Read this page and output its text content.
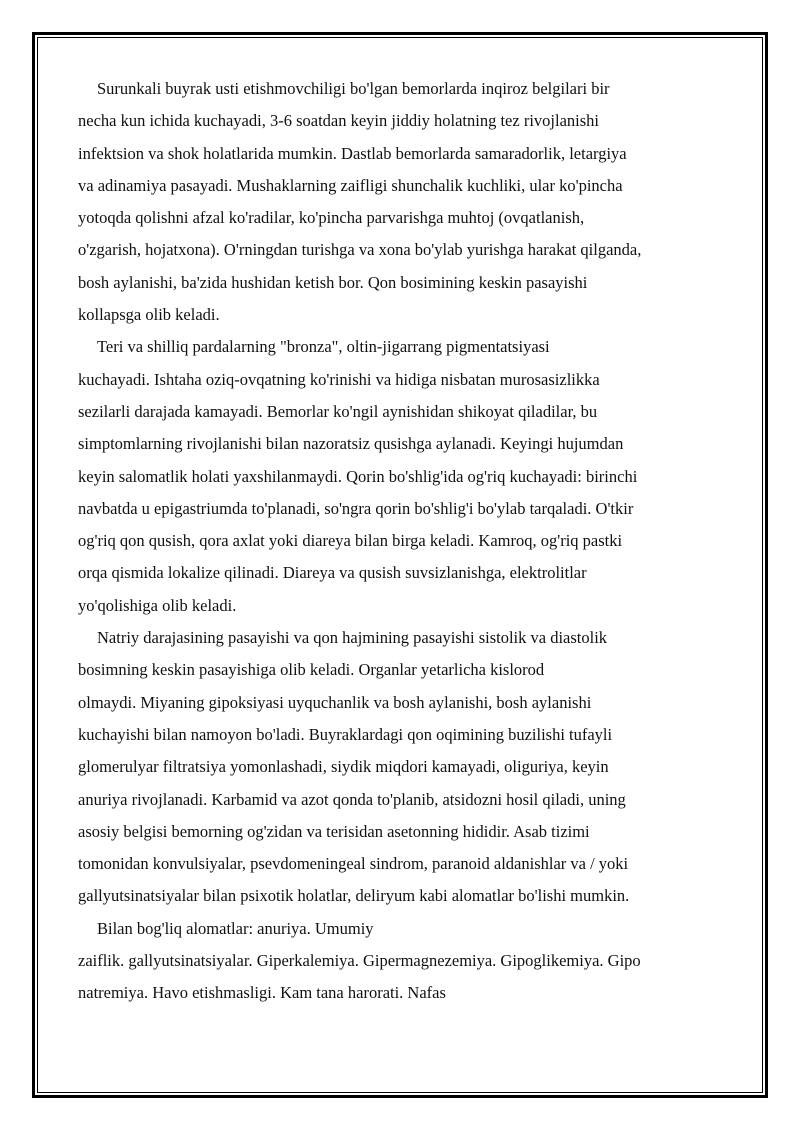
Surunkali buyrak usti etishmovchiligi bo'lgan bemorlarda inqiroz belgilari bir
necha kun ichida kuchayadi, 3-6 soatdan keyin jiddiy holatning tez rivojlanishi
infektsion va shok holatlarida mumkin. Dastlab bemorlarda samaradorlik, letargiya
va adinamiya pasayadi. Mushaklarning zaifligi shunchalik kuchliki, ular ko'pincha
yotoqda qolishni afzal ko'radilar, ko'pincha parvarishga muhtoj (ovqatlanish,
o'zgarish, hojatxona). O'rningdan turishga va xona bo'ylab yurishga harakat qilganda,
bosh aylanishi, ba'zida hushidan ketish bor. Qon bosimining keskin pasayishi
kollapsga olib keladi.
Teri va shilliq pardalarning "bronza", oltin-jigarrang pigmentatsiyasi
kuchayadi. Ishtaha oziq-ovqatning ko'rinishi va hidiga nisbatan murosasizlikka
sezilarli darajada kamayadi. Bemorlar ko'ngil aynishidan shikoyat qiladilar, bu
simptomlarning rivojlanishi bilan nazoratsiz qusishga aylanadi. Keyingi hujumdan
keyin salomatlik holati yaxshilanmaydi. Qorin bo'shlig'ida og'riq kuchayadi: birinchi
navbatda u epigastriumda to'planadi, so'ngra qorin bo'shlig'i bo'ylab tarqaladi. O'tkir
og'riq qon qusish, qora axlat yoki diareya bilan birga keladi. Kamroq, og'riq pastki
orqa qismida lokalize qilinadi. Diareya va qusish suvsizlanishga, elektrolitlar
yo'qolishiga olib keladi.
Natriy darajasining pasayishi va qon hajmining pasayishi sistolik va diastolik
bosimning keskin pasayishiga olib keladi. Organlar yetarlicha kislorod
olmaydi. Miyaning gipoksiyasi uyquchanlik va bosh aylanishi, bosh aylanishi
kuchayishi bilan namoyon bo'ladi. Buyraklardagi qon oqimining buzilishi tufayli
glomerulyar filtratsiya yomonlashadi, siydik miqdori kamayadi, oliguriya, keyin
anuriya rivojlanadi. Karbamid va azot qonda to'planib, atsidozni hosil qiladi, uning
asosiy belgisi bemorning og'zidan va terisidan asetonning hididir. Asab tizimi
tomonidan konvulsiyalar, psevdomeningeal sindrom, paranoid aldanishlar va / yoki
gallyutsinatsiyalar bilan psixotik holatlar, deliryum kabi alomatlar bo'lishi mumkin.
Bilan bog'liq alomatlar: anuriya. Umumiy
zaiflik. gallyutsinatsiyalar. Giperkalemiya. Gipermagnezemiya. Gipoglikemiya. Gipo
natremiya. Havo etishmasligi. Kam tana harorati. Nafas
